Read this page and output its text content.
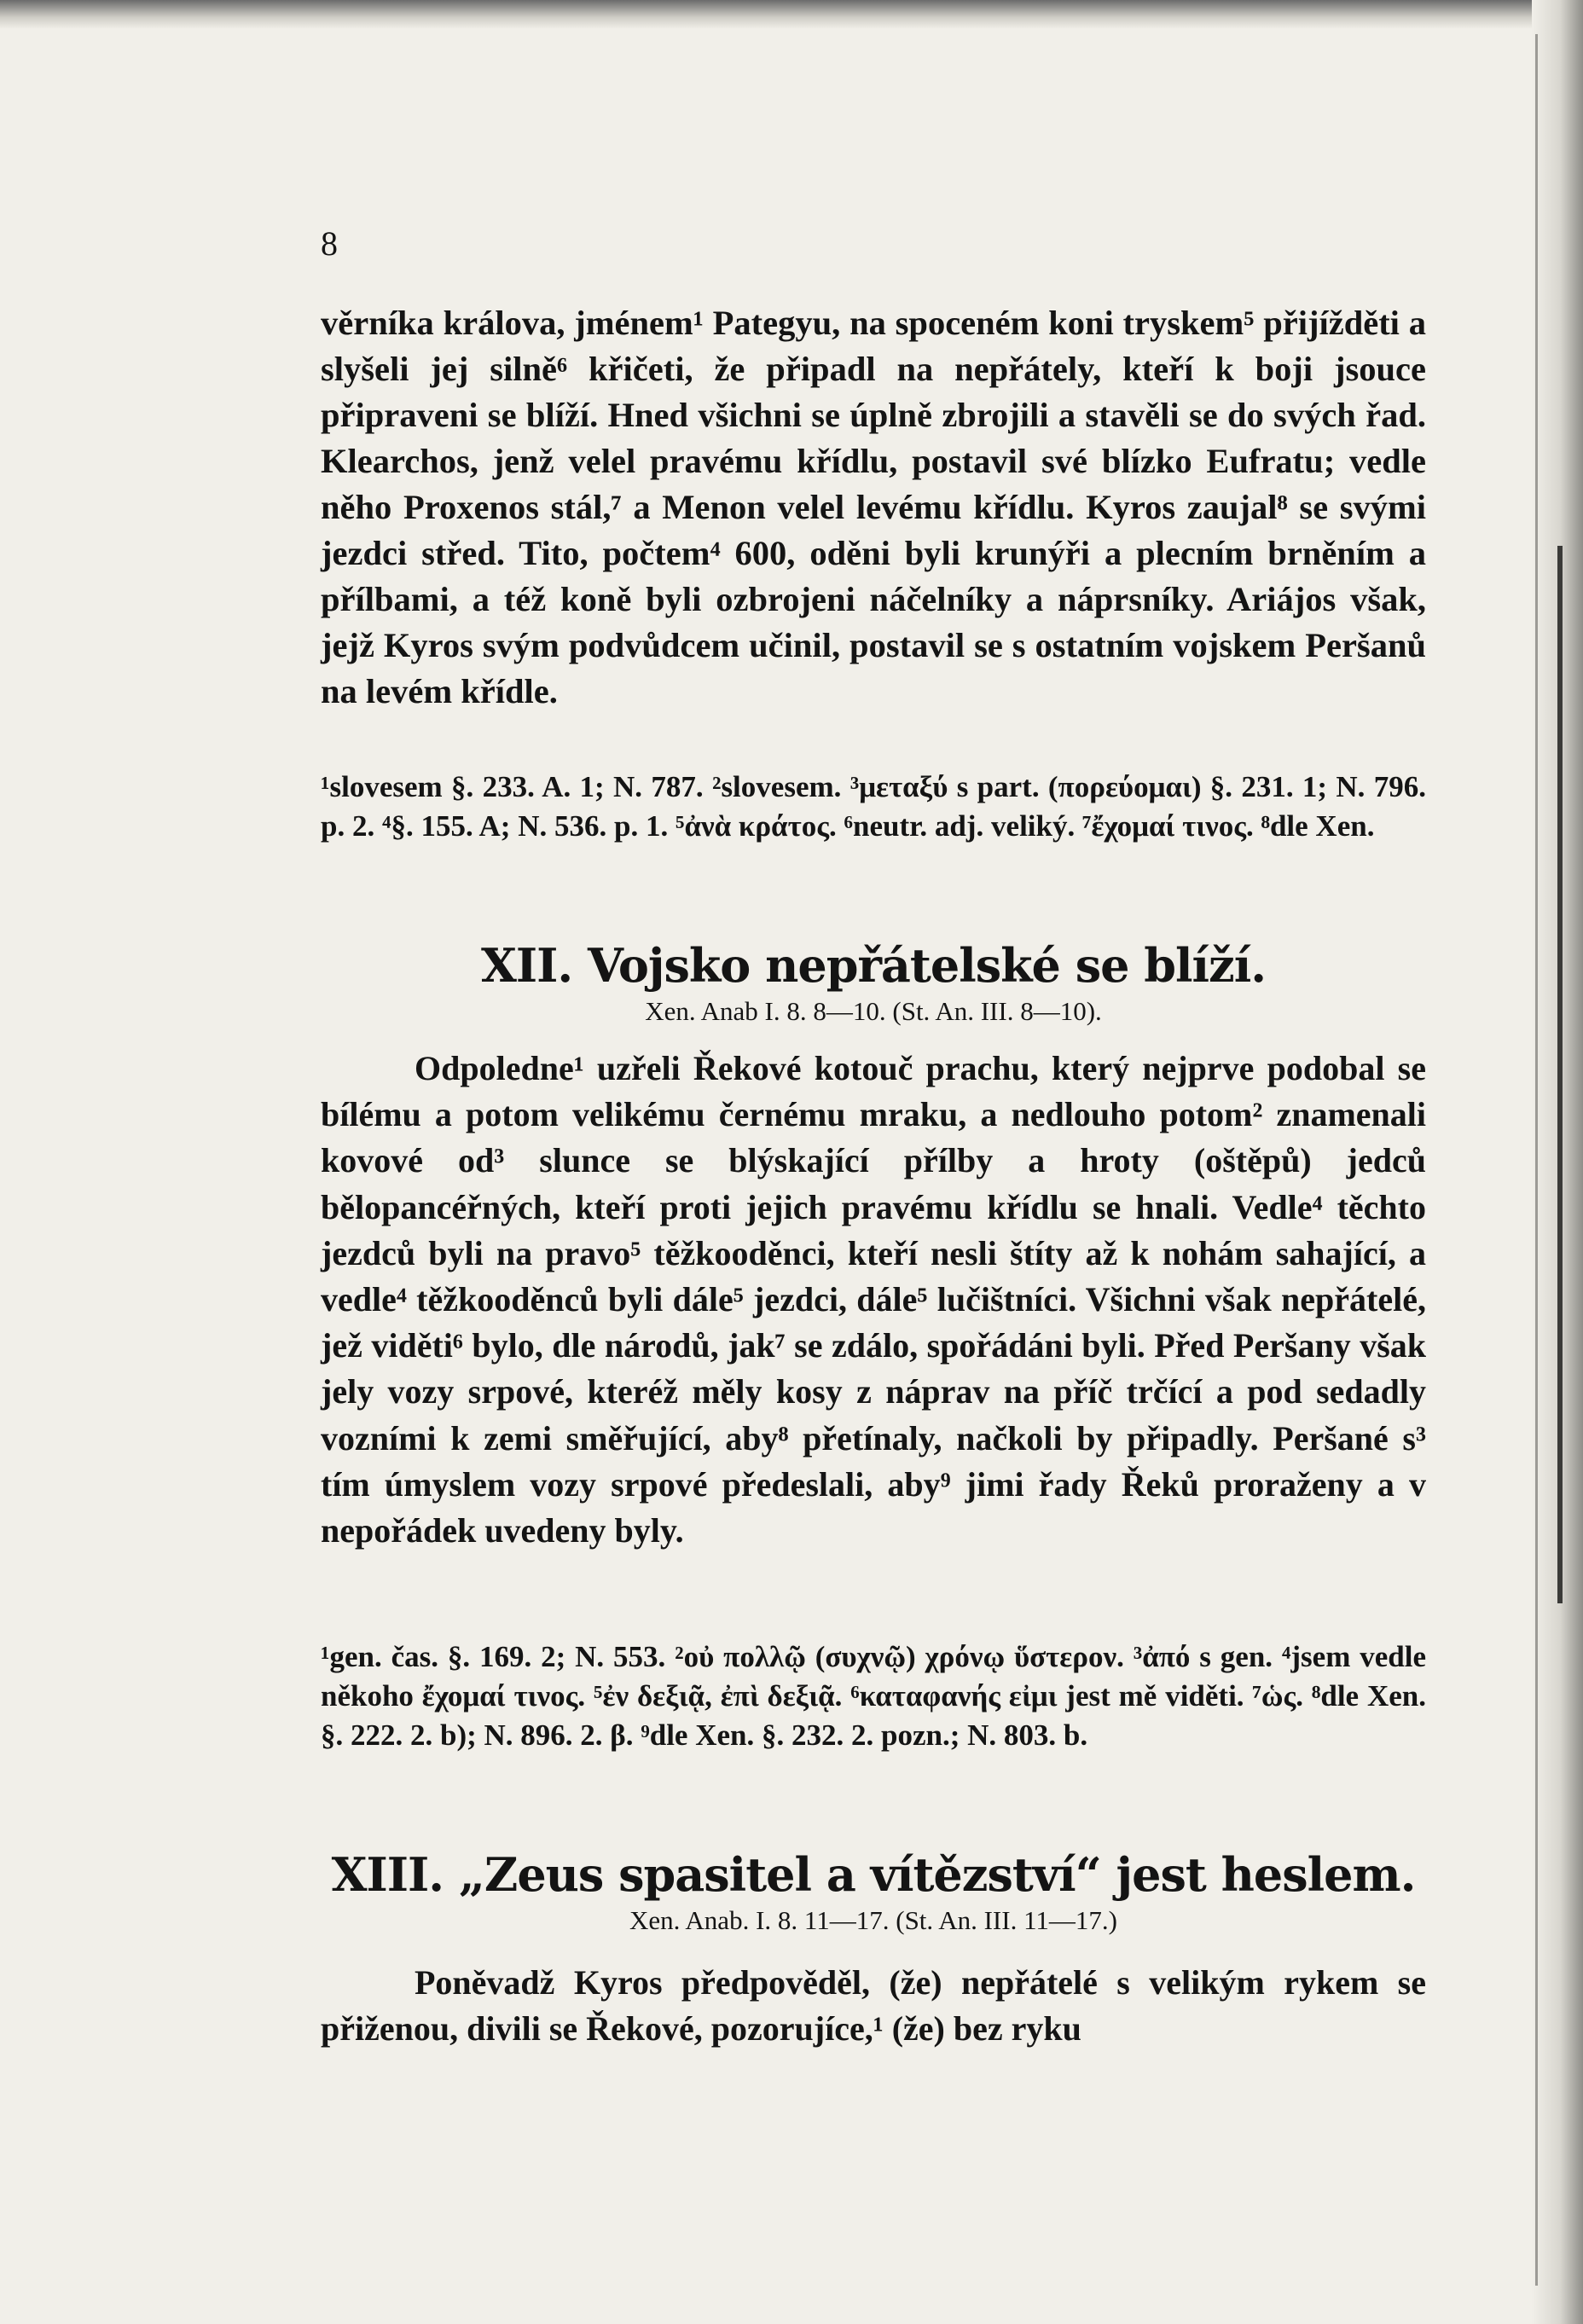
8

věrníka králova, jménem¹ Pategyu, na spoceném koni tryskem⁵ přijížděti a slyšeli jej silně⁶ křičeti, že připadl na nepřátely, kteří k boji jsouce připraveni se blíží. Hned všichni se úplně zbrojili a stavěli se do svých řad. Klearchos, jenž velel pravému křídlu, postavil své blízko Eufratu; vedle něho Proxenos stál,⁷ a Menon velel levému křídlu. Kyros zaujal⁸ se svými jezdci střed. Tito, počtem⁴ 600, oděni byli krunýři a plecním brněním a přílbami, a též koně byli ozbrojeni náčelníky a náprsníky. Ariájos však, jejž Kyros svým podvůdcem učinil, postavil se s ostatním vojskem Peršanů na levém křídle.

¹slovesem §. 233. A. 1; N. 787. ²slovesem. ³μεταξύ s part. (πορεύομαι) §. 231. 1; N. 796. p. 2. ⁴§. 155. A; N. 536. p. 1. ⁵ἀνὰ κράτος. ⁶neutr. adj. veliký. ⁷ἔχομαί τινος. ⁸dle Xen.

XII. Vojsko nepřátelské se blíží.
Xen. Anab I. 8. 8—10. (St. An. III. 8—10).

Odpoledne¹ uzřeli Řekové kotouč prachu, který nejprve podobal se bílému a potom velikému černému mraku, a nedlouho potom² znamenali kovové od³ slunce se blýskající přílby a hroty (oštěpů) jedců bělopancéřných, kteří proti jejich pravému křídlu se hnali. Vedle⁴ těchto jezdců byli na pravo⁵ těžkooděnci, kteří nesli štíty až k nohám sahající, a vedle⁴ těžkooděnců byli dále⁵ jezdci, dále⁵ lučištníci. Všichni však nepřátelé, jež viděti⁶ bylo, dle národů, jak⁷ se zdálo, spořádáni byli. Před Peršany však jely vozy srpové, kteréž měly kosy z náprav na příč trčící a pod sedadly vozními k zemi směřující, aby⁸ přetínaly, načkoli by připadly. Peršané s³ tím úmyslem vozy srpové předeslali, aby⁹ jimi řady Řeků proraženy a v nepořádek uvedeny byly.

¹gen. čas. §. 169. 2; N. 553. ²οὐ πολλῷ (συχνῷ) χρόνῳ ὕστερον. ³ἀπό s gen. ⁴jsem vedle někoho ἔχομαί τινος. ⁵ἐν δεξιᾷ, ἐπὶ δεξιᾷ. ⁶καταφανής εἰμι jest mě viděti. ⁷ὡς. ⁸dle Xen. §. 222. 2. b); N. 896. 2. β. ⁹dle Xen. §. 232. 2. pozn.; N. 803. b.

XIII. „Zeus spasitel a vítězství“ jest heslem.
Xen. Anab. I. 8. 11—17. (St. An. III. 11—17.)

Poněvadž Kyros předpověděl, (že) nepřátelé s velikým rykem se přiženou, divili se Řekové, pozorujíce,¹ (že) bez ryku
